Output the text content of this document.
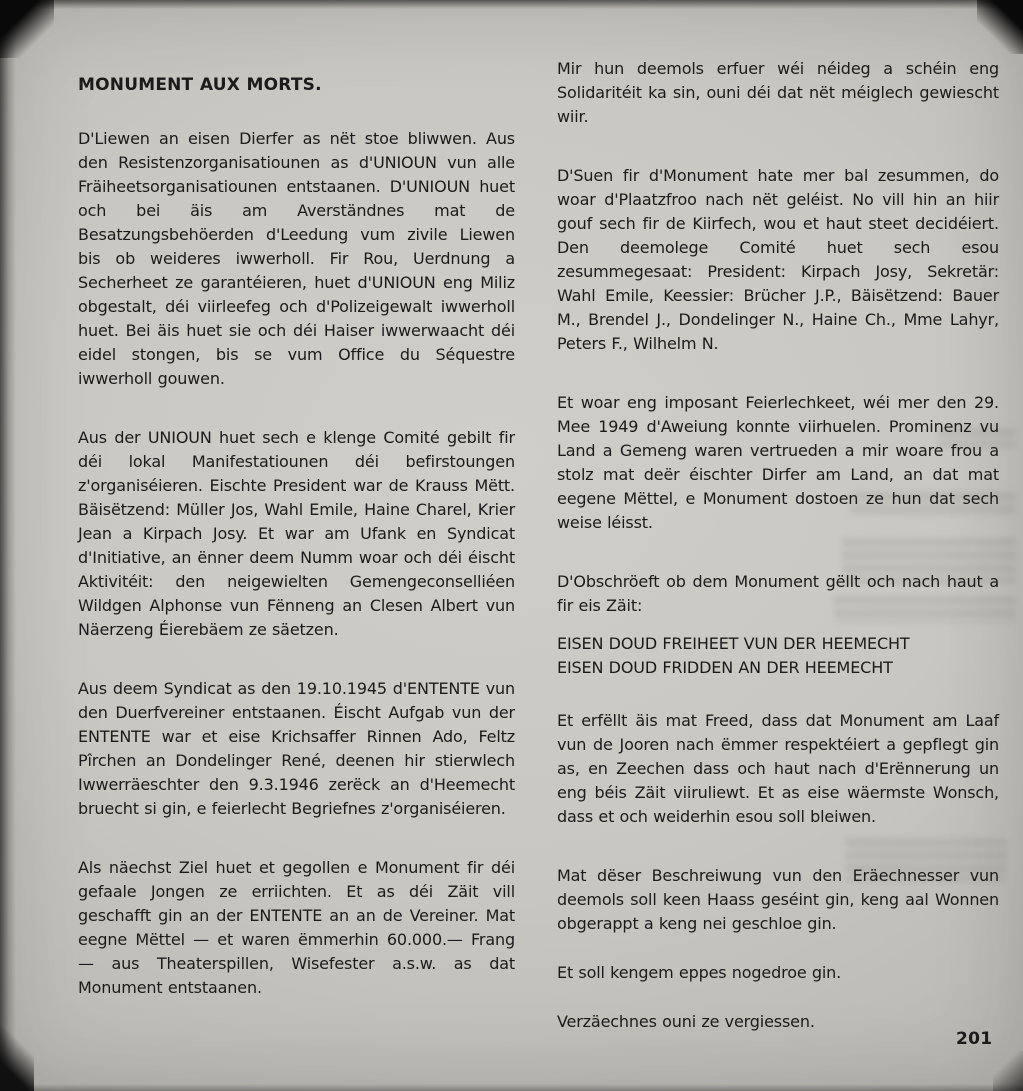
MONUMENT AUX MORTS.

D'Liewen an eisen Dierfer as nët stoe bliwwen. Aus den Resistenzorganisatiounen as d'UNIOUN vun alle Fräiheetsorganisatiounen entstaanen. D'UNIOUN huet och bei äis am Averständnes mat de Besatzungsbehöerden d'Leedung vum zivile Liewen bis ob weideres iwwerholl. Fir Rou, Uerdnung a Secherheet ze garantéieren, huet d'UNIOUN eng Miliz obgestalt, déi viirleefeg och d'Polizeigewalt iwwerholl huet. Bei äis huet sie och déi Haiser iwwerwaacht déi eidel stongen, bis se vum Office du Séquestre iwwerholl gouwen.

Aus der UNIOUN huet sech e klenge Comité gebilt fir déi lokal Manifestatiounen déi befirstoungen z'organiséieren. Eischte President war de Krauss Mëtt. Bäisëtzend: Müller Jos, Wahl Emile, Haine Charel, Krier Jean a Kirpach Josy. Et war am Ufank en Syndicat d'Initiative, an ënner deem Numm woar och déi éischt Aktivitéit: den neigewielten Gemengeconselliéen Wildgen Alphonse vun Fënneng an Clesen Albert vun Näerzeng Éierebäem ze säetzen.

Aus deem Syndicat as den 19.10.1945 d'ENTENTE vun den Duerfvereiner entstaanen. Éischt Aufgab vun der ENTENTE war et eise Krichsaffer Rinnen Ado, Feltz Pîrchen an Dondelinger René, deenen hir stierwlech Iwwerräeschter den 9.3.1946 zerëck an d'Heemecht bruecht si gin, e feierlecht Begriefnes z'organiséieren.

Als näechst Ziel huet et gegollen e Monument fir déi gefaale Jongen ze erriichten. Et as déi Zäit vill geschafft gin an der ENTENTE an an de Vereiner. Mat eegne Mëttel — et waren ëmmerhin 60.000.— Frang — aus Theaterspillen, Wisefester a.s.w. as dat Monument entstaanen.

Mir hun deemols erfuer wéi néideg a schéin eng Solidaritéit ka sin, ouni déi dat nët méiglech gewiescht wiir.

D'Suen fir d'Monument hate mer bal zesummen, do woar d'Plaatzfroo nach nët geléist. No vill hin an hiir gouf sech fir de Kiirfech, wou et haut steet decidéiert. Den deemolege Comité huet sech esou zesummegesaat: President: Kirpach Josy, Sekretär: Wahl Emile, Keessier: Brücher J.P., Bäisëtzend: Bauer M., Brendel J., Dondelinger N., Haine Ch., Mme Lahyr, Peters F., Wilhelm N.

Et woar eng imposant Feierlechkeet, wéi mer den 29. Mee 1949 d'Aweiung konnte viirhuelen. Prominenz vu Land a Gemeng waren vertrueden a mir woare frou a stolz mat deër éischter Dirfer am Land, an dat mat eegene Mëttel, e Monument dostoen ze hun dat sech weise léisst.

D'Obschröeft ob dem Monument gëllt och nach haut a fir eis Zäit:

EISEN DOUD FREIHEET VUN DER HEEMECHT
EISEN DOUD FRIDDEN AN DER HEEMECHT

Et erfëllt äis mat Freed, dass dat Monument am Laaf vun de Jooren nach ëmmer respektéiert a gepflegt gin as, en Zeechen dass och haut nach d'Erënnerung un eng béis Zäit viiruliewt. Et as eise wäermste Wonsch, dass et och weiderhin esou soll bleiwen.

Mat dëser Beschreiwung vun den Eräechnesser vun deemols soll keen Haass geséint gin, keng aal Wonnen obgerappt a keng nei geschloe gin.

Et soll kengem eppes nogedroe gin.

Verzäechnes ouni ze vergiessen.

201
